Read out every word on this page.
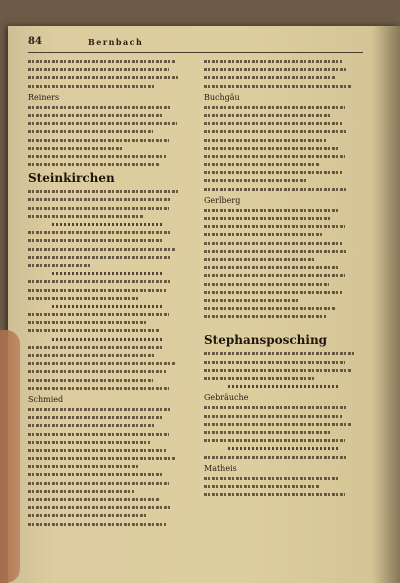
84	Bernbach
Reiners
Steinkirchen
Schmied
Buchgäu
Gerlberg
Stephansposching
Gebräuche
Matheis
